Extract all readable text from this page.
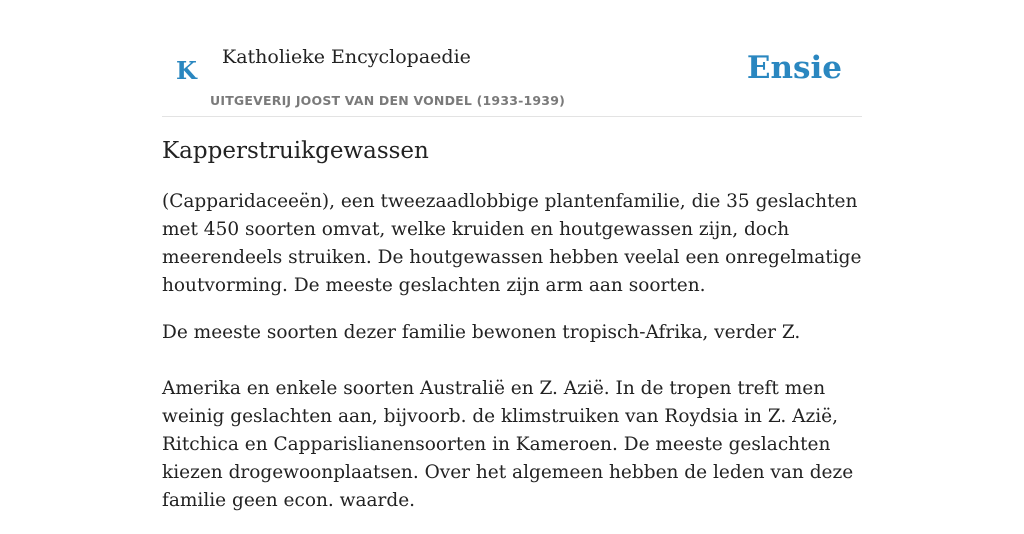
K Katholieke Encyclopaedie
UITGEVERIJ JOOST VAN DEN VONDEL (1933-1939)
Ensie
Kapperstruikgewassen

(Capparidaceeën), een tweezaadlobbige plantenfamilie, die 35 geslachten met 450 soorten omvat, welke kruiden en houtgewassen zijn, doch meerendeels struiken. De houtgewassen hebben veelal een onregelmatige houtvorming. De meeste geslachten zijn arm aan soorten.

De meeste soorten dezer familie bewonen tropisch-Afrika, verder Z.

Amerika en enkele soorten Australië en Z. Azië. In de tropen treft men weinig geslachten aan, bijvoorb. de klimstruiken van Roydsia in Z. Azië, Ritchica en Capparislianensoorten in Kameroen. De meeste geslachten kiezen drogewoonplaatsen. Over het algemeen hebben de leden van deze familie geen econ. waarde.
